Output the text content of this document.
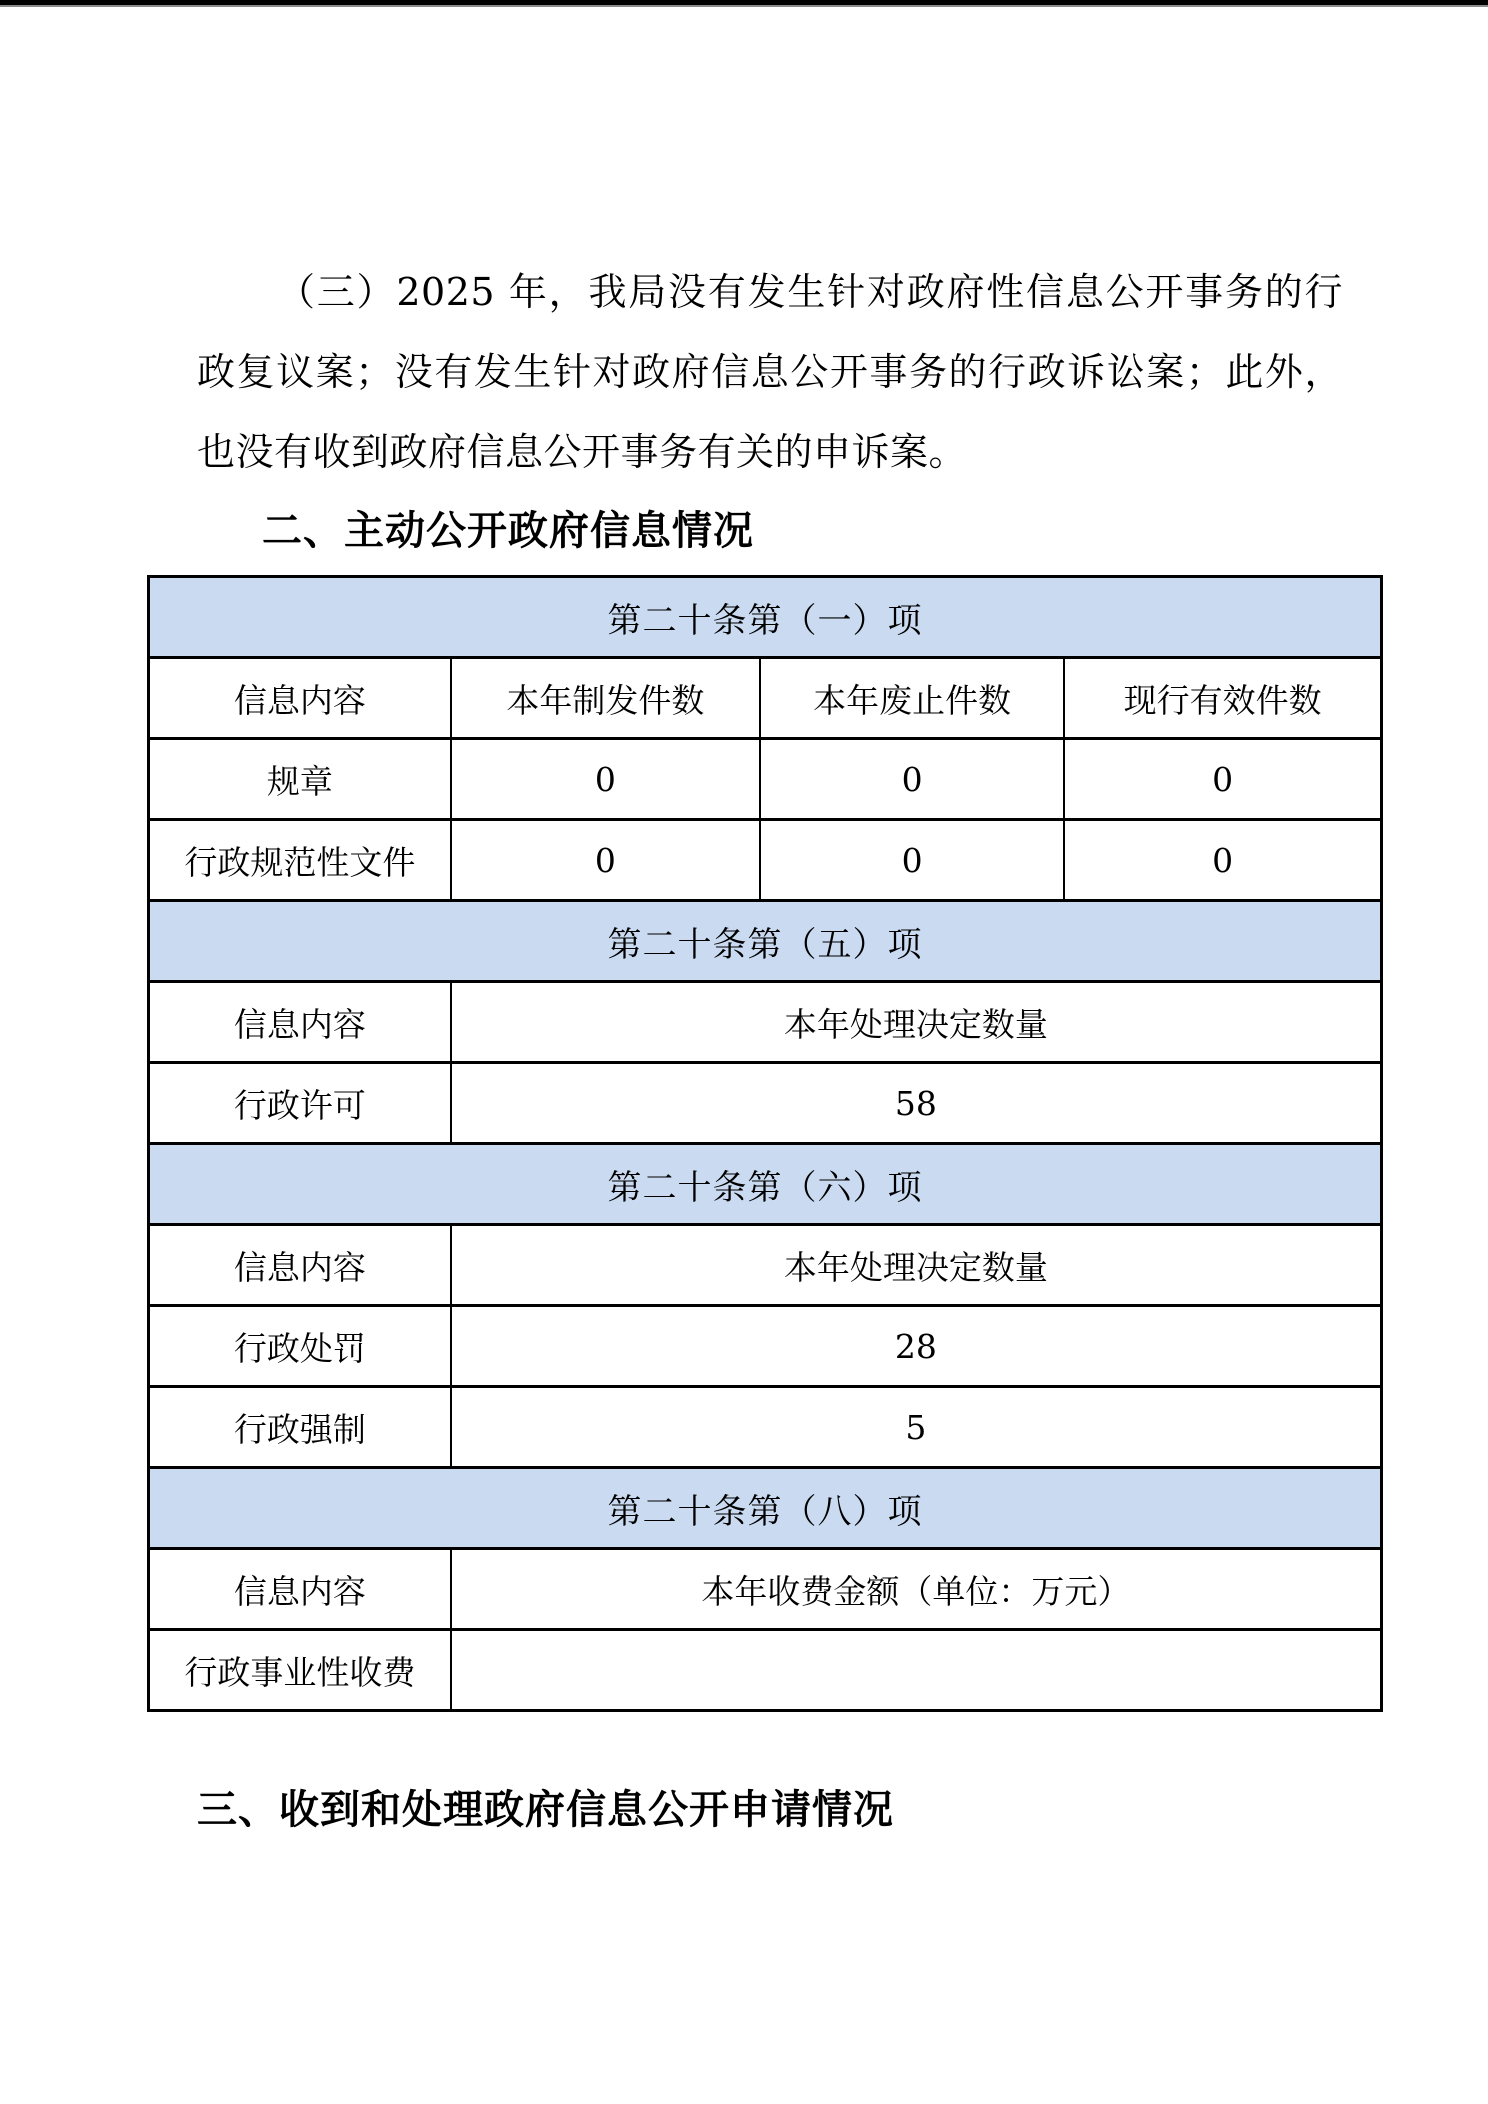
（三）2025 年，我局没有发生针对政府性信息公开事务的行政复议案；没有发生针对政府信息公开事务的行政诉讼案；此外，也没有收到政府信息公开事务有关的申诉案。

二、主动公开政府信息情况
第二十条第（一）项			
信息内容	本年制发件数	本年废止件数	现行有效件数
规章	0	0	0
行政规范性文件	0	0	0
第二十条第（五）项			
信息内容	本年处理决定数量		
行政许可	58		
第二十条第（六）项			
信息内容	本年处理决定数量		
行政处罚	28		
行政强制	5		
第二十条第（八）项			
信息内容	本年收费金额（单位：万元）		
行政事业性收费			
三、收到和处理政府信息公开申请情况
